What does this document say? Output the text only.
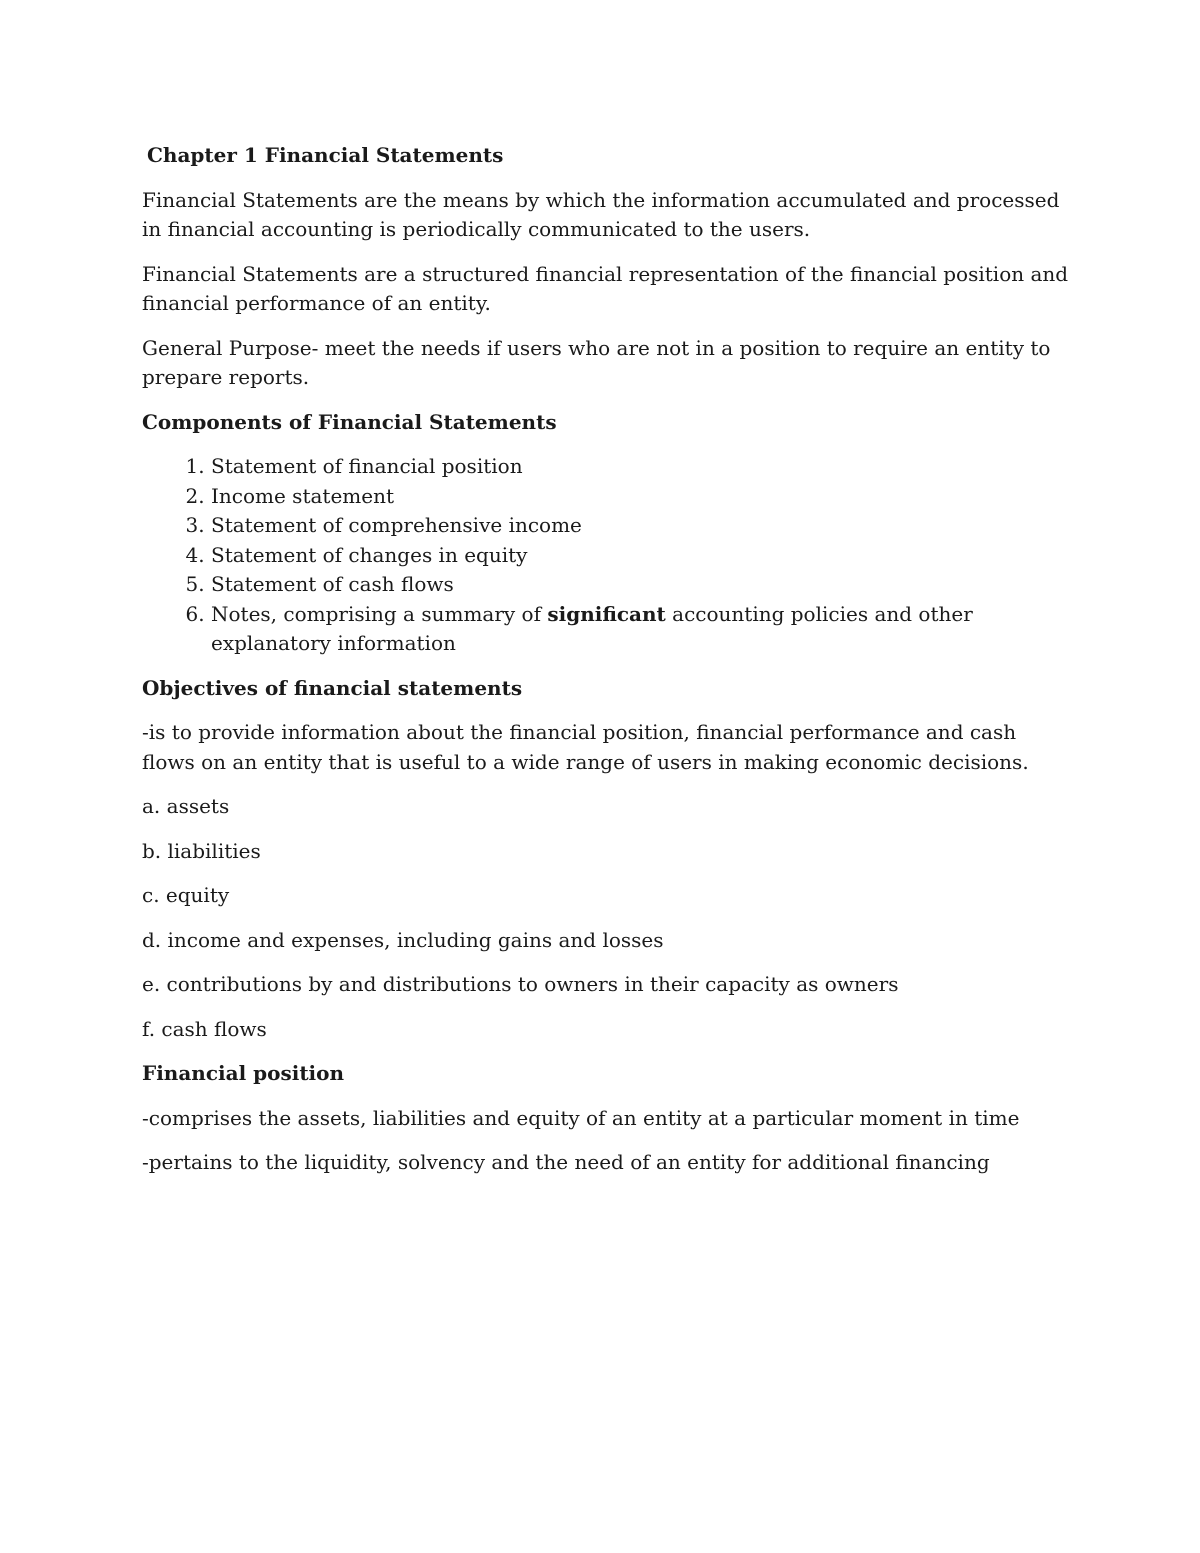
Chapter 1 Financial Statements

Financial Statements are the means by which the information accumulated and processed in financial accounting is periodically communicated to the users.

Financial Statements are a structured financial representation of the financial position and financial performance of an entity.

General Purpose- meet the needs if users who are not in a position to require an entity to prepare reports.

Components of Financial Statements
1. Statement of financial position
2. Income statement
3. Statement of comprehensive income
4. Statement of changes in equity
5. Statement of cash flows
6. Notes, comprising a summary of significant accounting policies and other explanatory information
Objectives of financial statements

-is to provide information about the financial position, financial performance and cash flows on an entity that is useful to a wide range of users in making economic decisions.

a. assets

b. liabilities

c. equity

d. income and expenses, including gains and losses

e. contributions by and distributions to owners in their capacity as owners

f. cash flows

Financial position

-comprises the assets, liabilities and equity of an entity at a particular moment in time

-pertains to the liquidity, solvency and the need of an entity for additional financing
